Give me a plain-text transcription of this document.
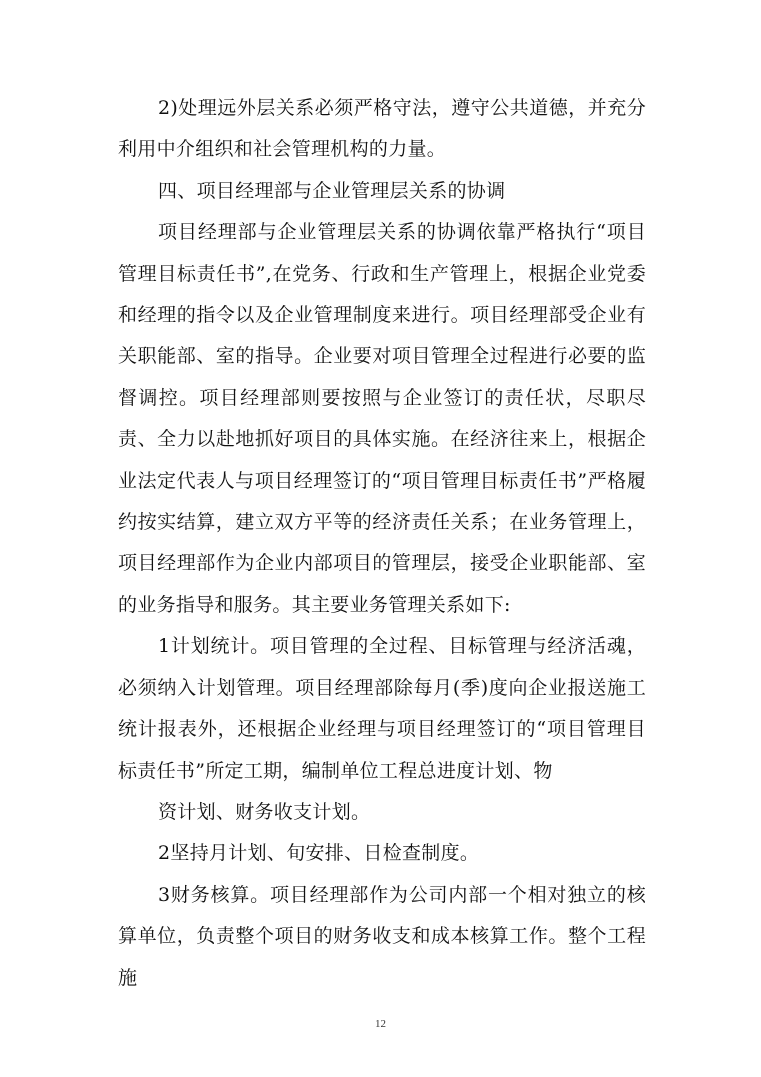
2)处理远外层关系必须严格守法，遵守公共道德，并充分利用中介组织和社会管理机构的力量。

四、项目经理部与企业管理层关系的协调

项目经理部与企业管理层关系的协调依靠严格执行“项目管理目标责任书”,在党务、行政和生产管理上，根据企业党委和经理的指令以及企业管理制度来进行。项目经理部受企业有关职能部、室的指导。企业要对项目管理全过程进行必要的监督调控。项目经理部则要按照与企业签订的责任状，尽职尽责、全力以赴地抓好项目的具体实施。在经济往来上，根据企业法定代表人与项目经理签订的“项目管理目标责任书”严格履约按实结算，建立双方平等的经济责任关系；在业务管理上，项目经理部作为企业内部项目的管理层，接受企业职能部、室的业务指导和服务。其主要业务管理关系如下:

1计划统计。项目管理的全过程、目标管理与经济活魂，必须纳入计划管理。项目经理部除每月(季)度向企业报送施工统计报表外，还根据企业经理与项目经理签订的“项目管理目标责任书”所定工期，编制单位工程总进度计划、物

资计划、财务收支计划。

2坚持月计划、旬安排、日检查制度。

3财务核算。项目经理部作为公司内部一个相对独立的核算单位，负责整个项目的财务收支和成本核算工作。整个工程施

12
